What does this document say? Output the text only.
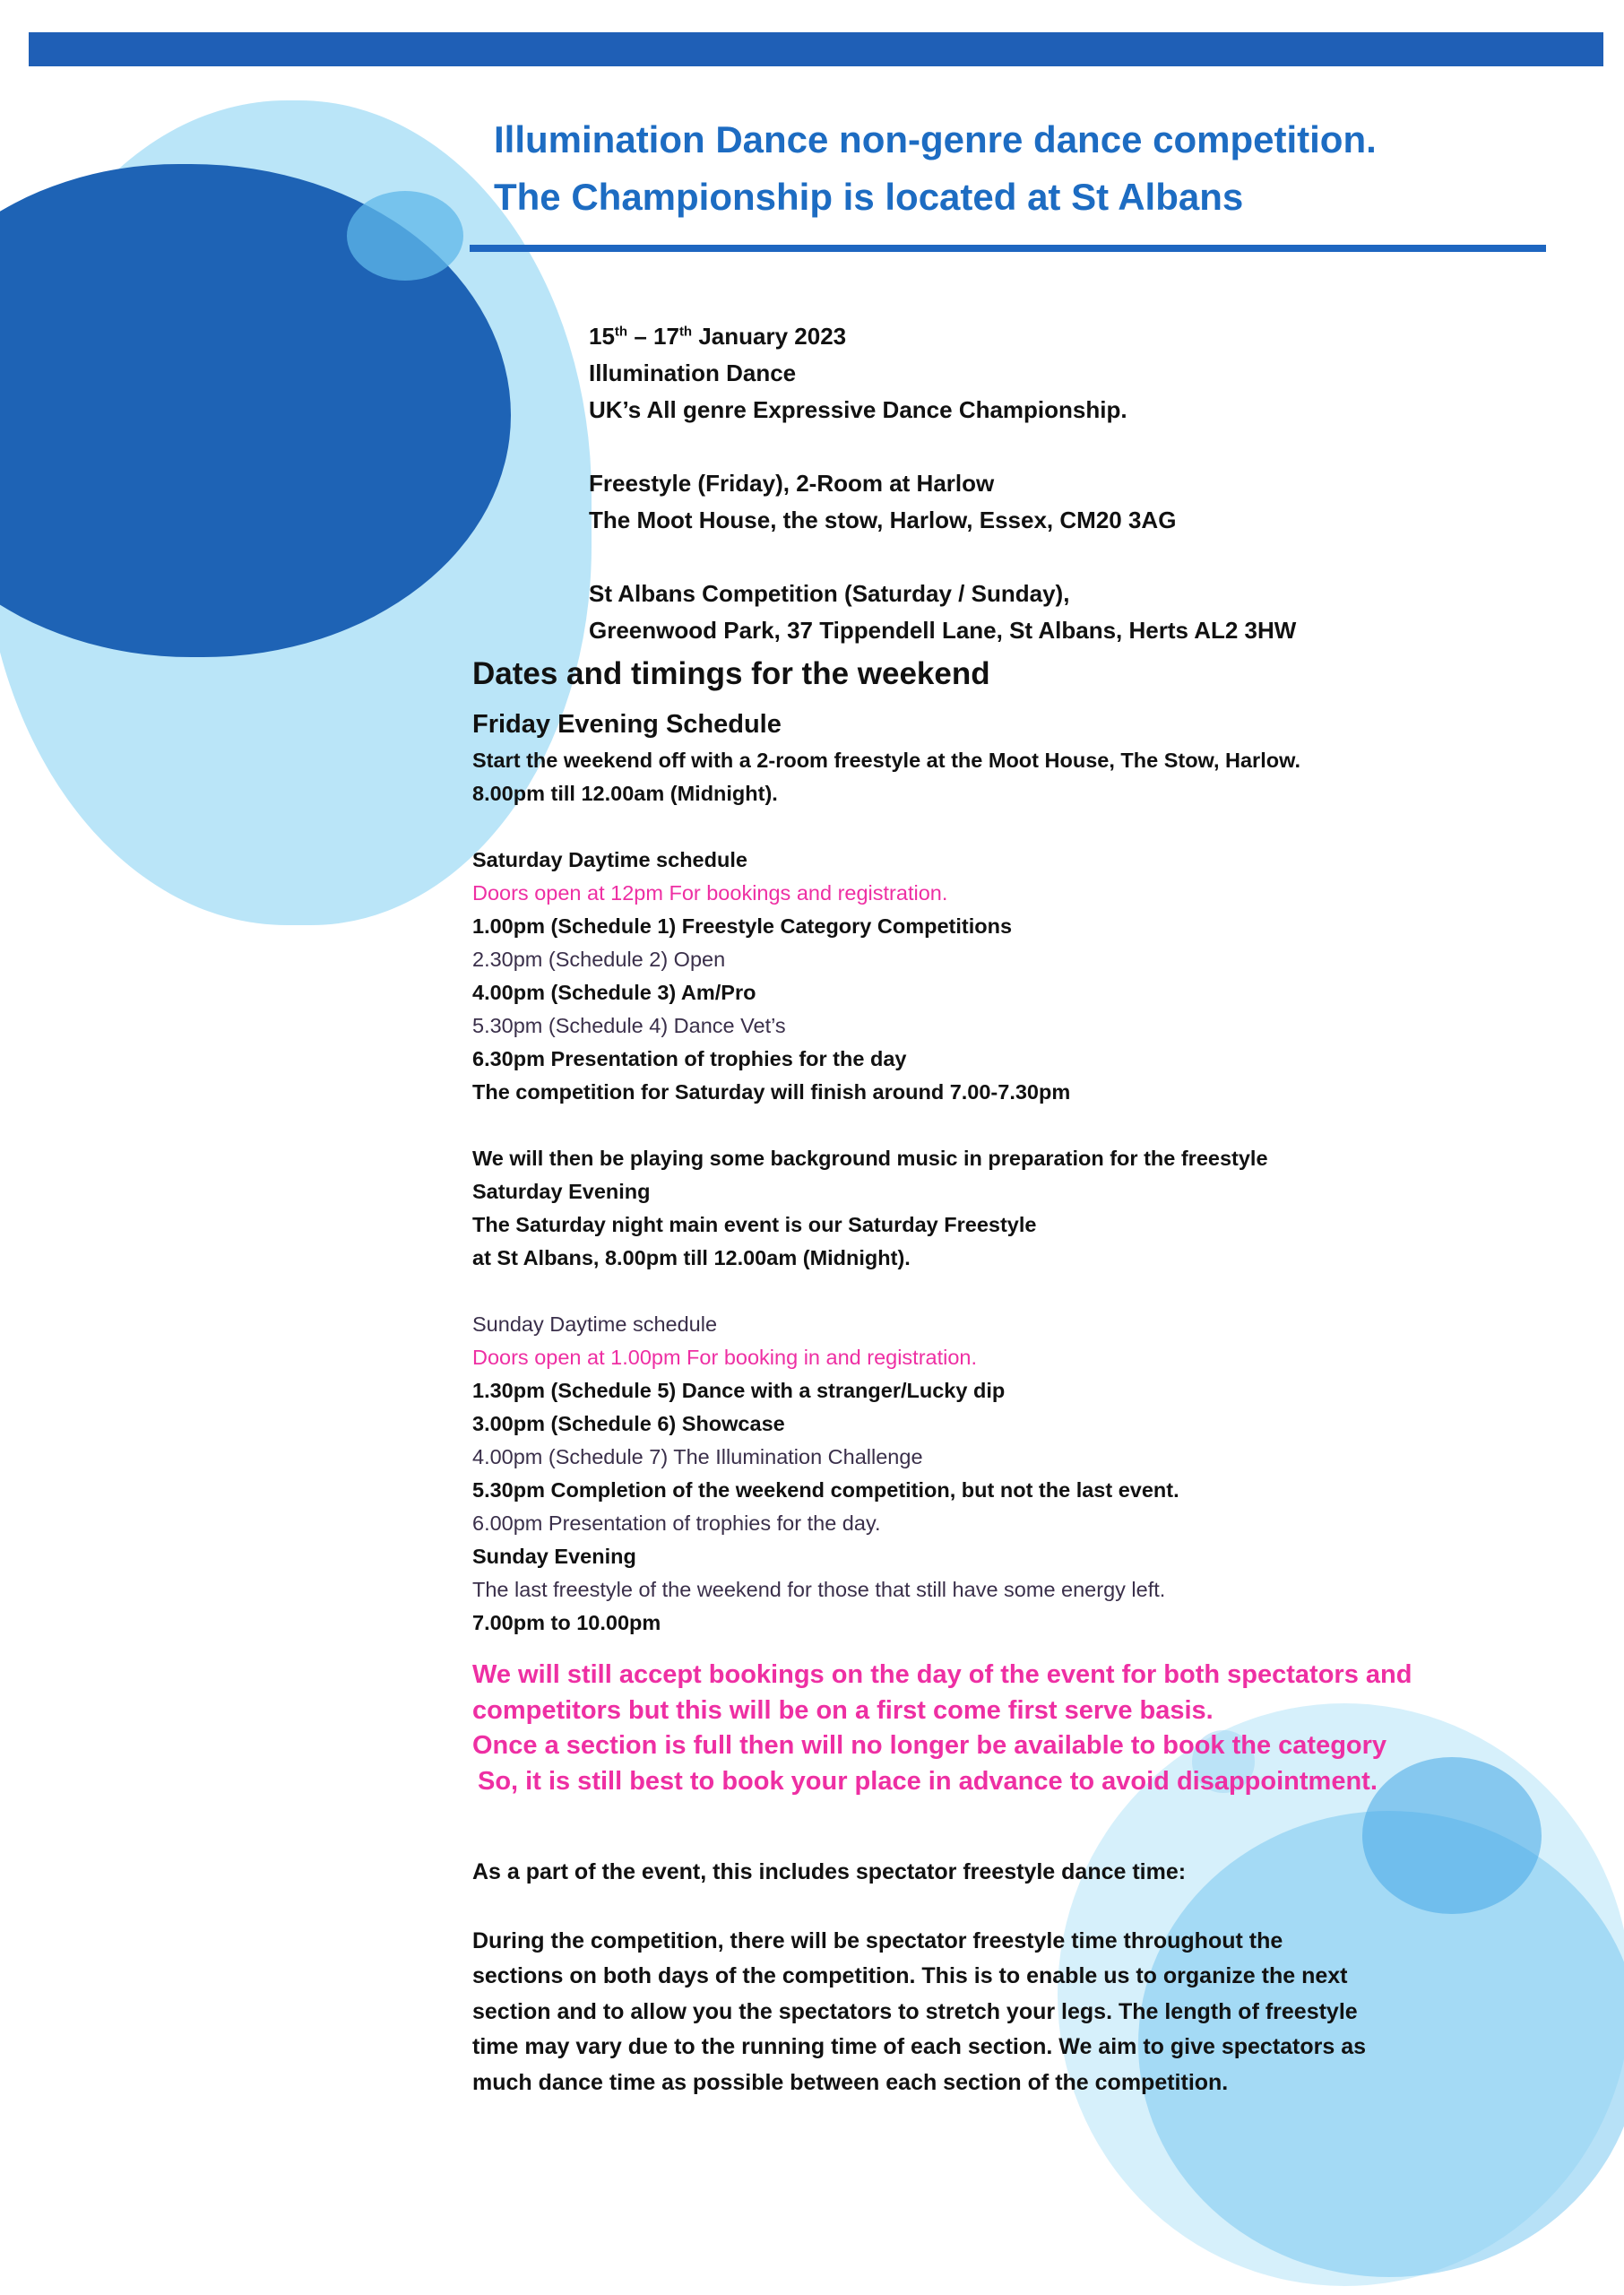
Illumination Dance non-genre dance competition.
The Championship is located at St Albans
15th – 17th January 2023
Illumination Dance
UK’s All genre Expressive Dance Championship.
Freestyle (Friday), 2-Room at Harlow
The Moot House, the stow, Harlow, Essex, CM20 3AG
St Albans Competition (Saturday / Sunday),
Greenwood Park, 37 Tippendell Lane, St Albans, Herts AL2 3HW
Dates and timings for the weekend
Friday Evening Schedule
Start the weekend off with a 2-room freestyle at the Moot House, The Stow, Harlow.
8.00pm till 12.00am (Midnight).
Saturday Daytime schedule
Doors open at 12pm For bookings and registration.
1.00pm (Schedule 1) Freestyle Category Competitions
2.30pm (Schedule 2) Open
4.00pm (Schedule 3) Am/Pro
5.30pm (Schedule 4) Dance Vet’s
6.30pm Presentation of trophies for the day
The competition for Saturday will finish around 7.00-7.30pm
We will then be playing some background music in preparation for the freestyle
Saturday Evening
The Saturday night main event is our Saturday Freestyle
at St Albans, 8.00pm till 12.00am (Midnight).
Sunday Daytime schedule
Doors open at 1.00pm For booking in and registration.
1.30pm (Schedule 5) Dance with a stranger/Lucky dip
3.00pm (Schedule 6) Showcase
4.00pm (Schedule 7) The Illumination Challenge
5.30pm Completion of the weekend competition, but not the last event.
6.00pm Presentation of trophies for the day.
Sunday Evening
The last freestyle of the weekend for those that still have some energy left.
7.00pm to 10.00pm
We will still accept bookings on the day of the event for both spectators and
competitors but this will be on a first come first serve basis.
Once a section is full then will no longer be available to book the category
So, it is still best to book your place in advance to avoid disappointment.
As a part of the event, this includes spectator freestyle dance time:
During the competition, there will be spectator freestyle time throughout the
sections on both days of the competition. This is to enable us to organize the next
section and to allow you the spectators to stretch your legs. The length of freestyle
time may vary due to the running time of each section. We aim to give spectators as
much dance time as possible between each section of the competition.
